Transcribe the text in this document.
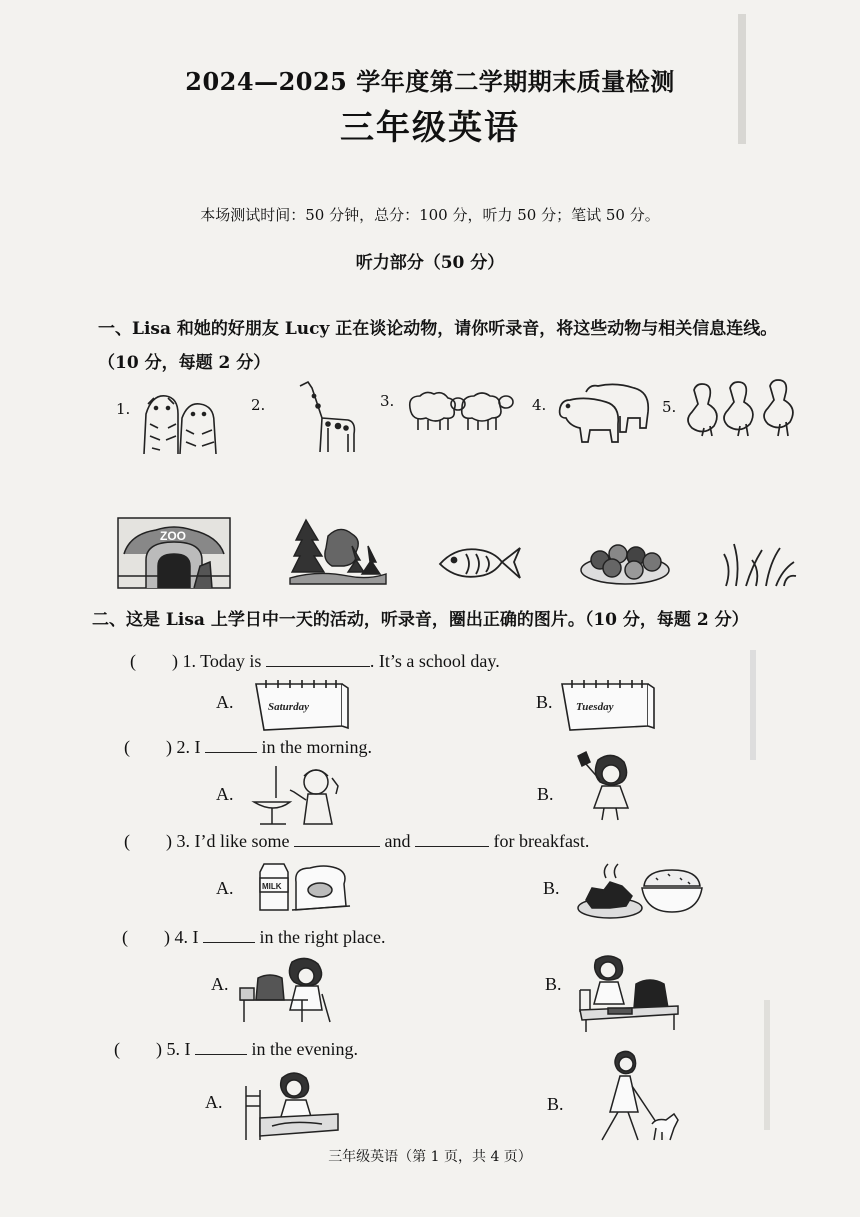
2024—2025 学年度第二学期期末质量检测
三年级英语
本场测试时间：50 分钟，总分：100 分，听力 50 分；笔试 50 分。
听力部分（50 分）
一、Lisa 和她的好朋友 Lucy 正在谈论动物，请你听录音，将这些动物与相关信息连线。（10 分，每题 2 分）
1.	2.	3.	4.	5.
ZOO
二、这是 Lisa 上学日中一天的活动，听录音，圈出正确的图片。（10 分，每题 2 分）
(        ) 1. Today is	. It’s a school day.
A.	Saturday	B. Tuesday
(        ) 2. I	in the morning.
A.	B.
(        ) 3. I’d like some	and	for breakfast.
A.	MILK	B.
(        ) 4. I	in the right place.
A.	B.
(        ) 5. I	in the evening.
A.	B.
三年级英语（第 1 页，共 4 页）
